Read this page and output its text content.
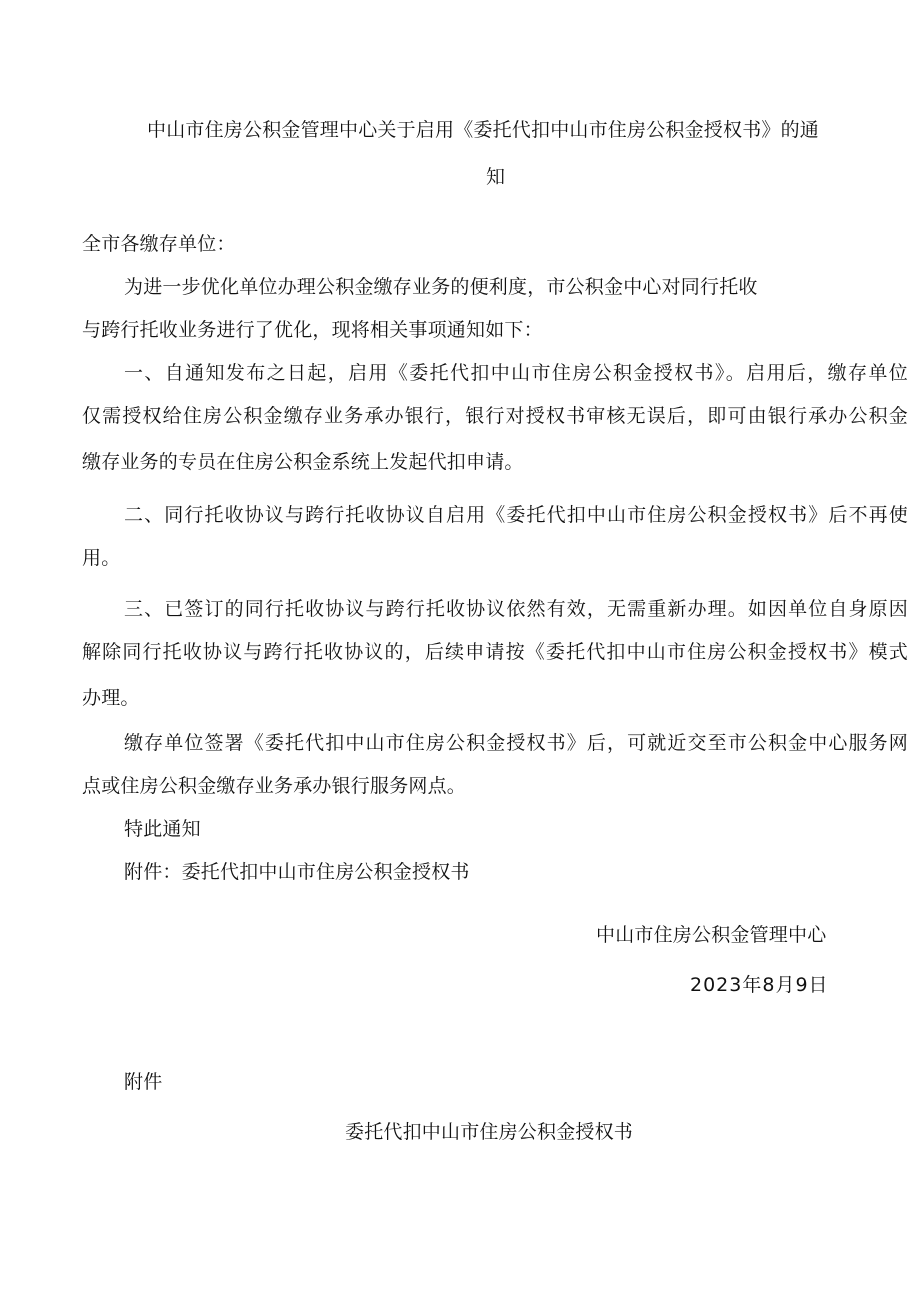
中山市住房公积金管理中心关于启用《委托代扣中山市住房公积金授权书》的通
知
全市各缴存单位：
为进一步优化单位办理公积金缴存业务的便利度，市公积金中心对同行托收
与跨行托收业务进行了优化，现将相关事项通知如下：
一、自通知发布之日起，启用《委托代扣中山市住房公积金授权书》。启用后，缴存单位
仅需授权给住房公积金缴存业务承办银行，银行对授权书审核无误后，即可由银行承办公积金
缴存业务的专员在住房公积金系统上发起代扣申请。
二、同行托收协议与跨行托收协议自启用《委托代扣中山市住房公积金授权书》后不再使
用。
三、已签订的同行托收协议与跨行托收协议依然有效，无需重新办理。如因单位自身原因
解除同行托收协议与跨行托收协议的，后续申请按《委托代扣中山市住房公积金授权书》模式
办理。
缴存单位签署《委托代扣中山市住房公积金授权书》后，可就近交至市公积金中心服务网
点或住房公积金缴存业务承办银行服务网点。
特此通知
附件：委托代扣中山市住房公积金授权书
中山市住房公积金管理中心
2023年8月9日
附件
委托代扣中山市住房公积金授权书
